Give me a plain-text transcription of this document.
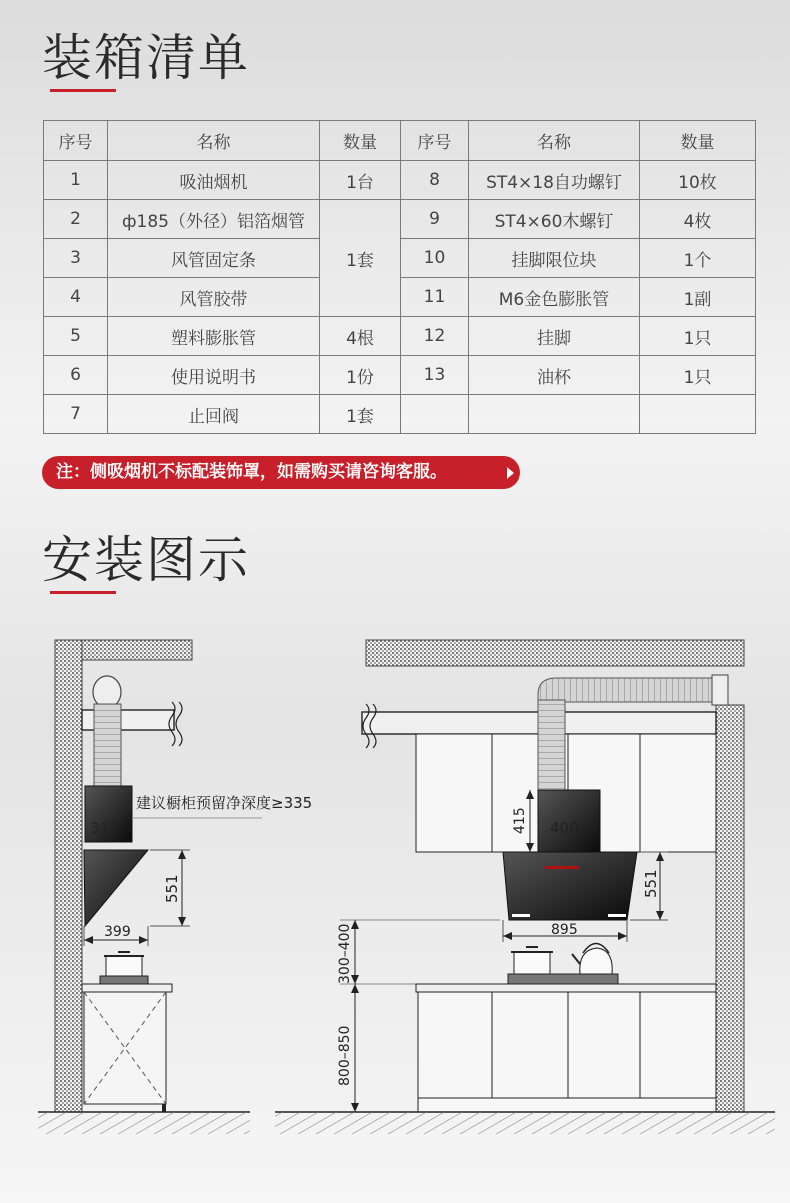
装箱清单
序号	名称	数量	序号	名称	数量
1	吸油烟机	1台	8	ST4×18自功螺钉	10枚
2	ф185（外径）铝箔烟管	1套	9	ST4×60木螺钉	4枚
3	风管固定条		10	挂脚限位块	1个
4	风管胶带		11	M6金色膨胀管	1副
5	塑料膨胀管	4根	12	挂脚	1只
6	使用说明书	1份	13	油杯	1只
7	止回阀	1套			
注：侧吸烟机不标配装饰罩，如需购买请咨询客服。
安装图示
315
建议橱柜预留净深度≥335
551
399
400
415
551
895
300–400
800–850
